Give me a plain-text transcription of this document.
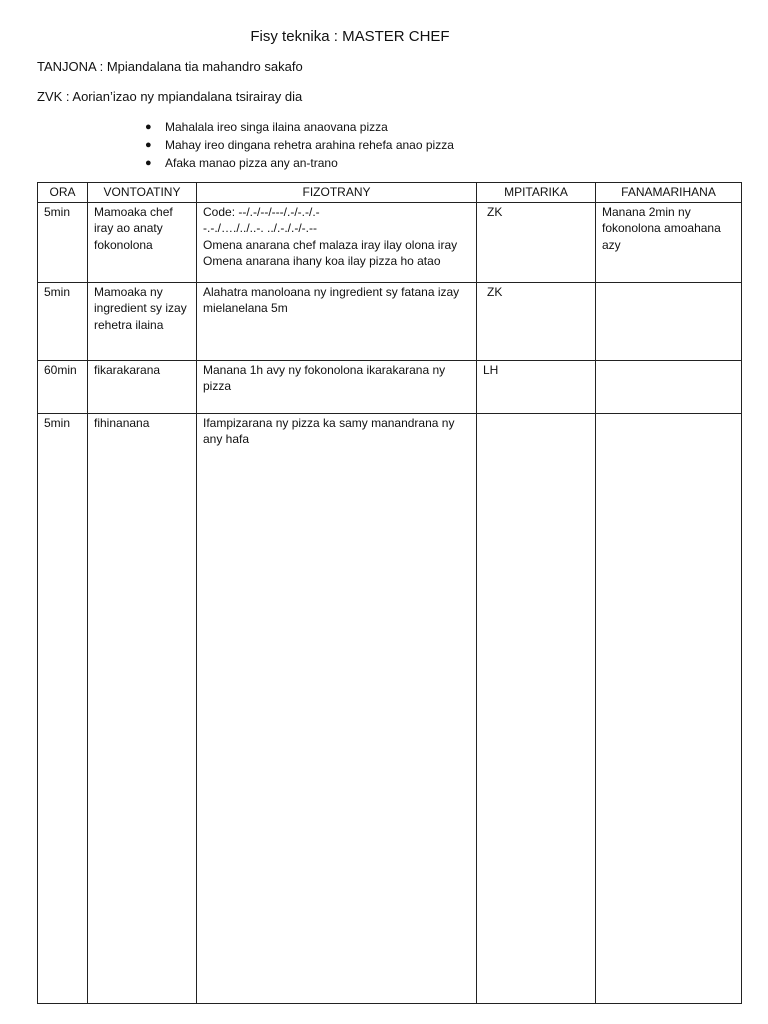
Fisy teknika : MASTER CHEF
TANJONA : Mpiandalana tia mahandro sakafo
ZVK : Aorian’izao ny mpiandalana tsirairay dia
● Mahalala ireo singa ilaina anaovana pizza
● Mahay ireo dingana rehetra arahina rehefa anao pizza
● Afaka manao pizza any an-trano
ORA	VONTOATINY	FIZOTRANY	MPITARIKA	FANAMARIHANA
5min	Mamoaka chef iray ao anaty fokonolona	Code: --/.-/--/---/.-/-.-/.-
-.-./…./../..-. ../.-./.-/-.--
Omena anarana chef malaza iray ilay olona iray
Omena anarana ihany koa ilay pizza ho atao	ZK	Manana 2min ny fokonolona amoahana azy
5min	Mamoaka ny ingredient sy izay rehetra ilaina	Alahatra manoloana ny ingredient sy fatana izay mielanelana 5m	ZK	
60min	fikarakarana	Manana 1h avy ny fokonolona ikarakarana ny pizza	LH	
5min	fihinanana	Ifampizarana ny pizza ka samy manandrana ny any hafa		
